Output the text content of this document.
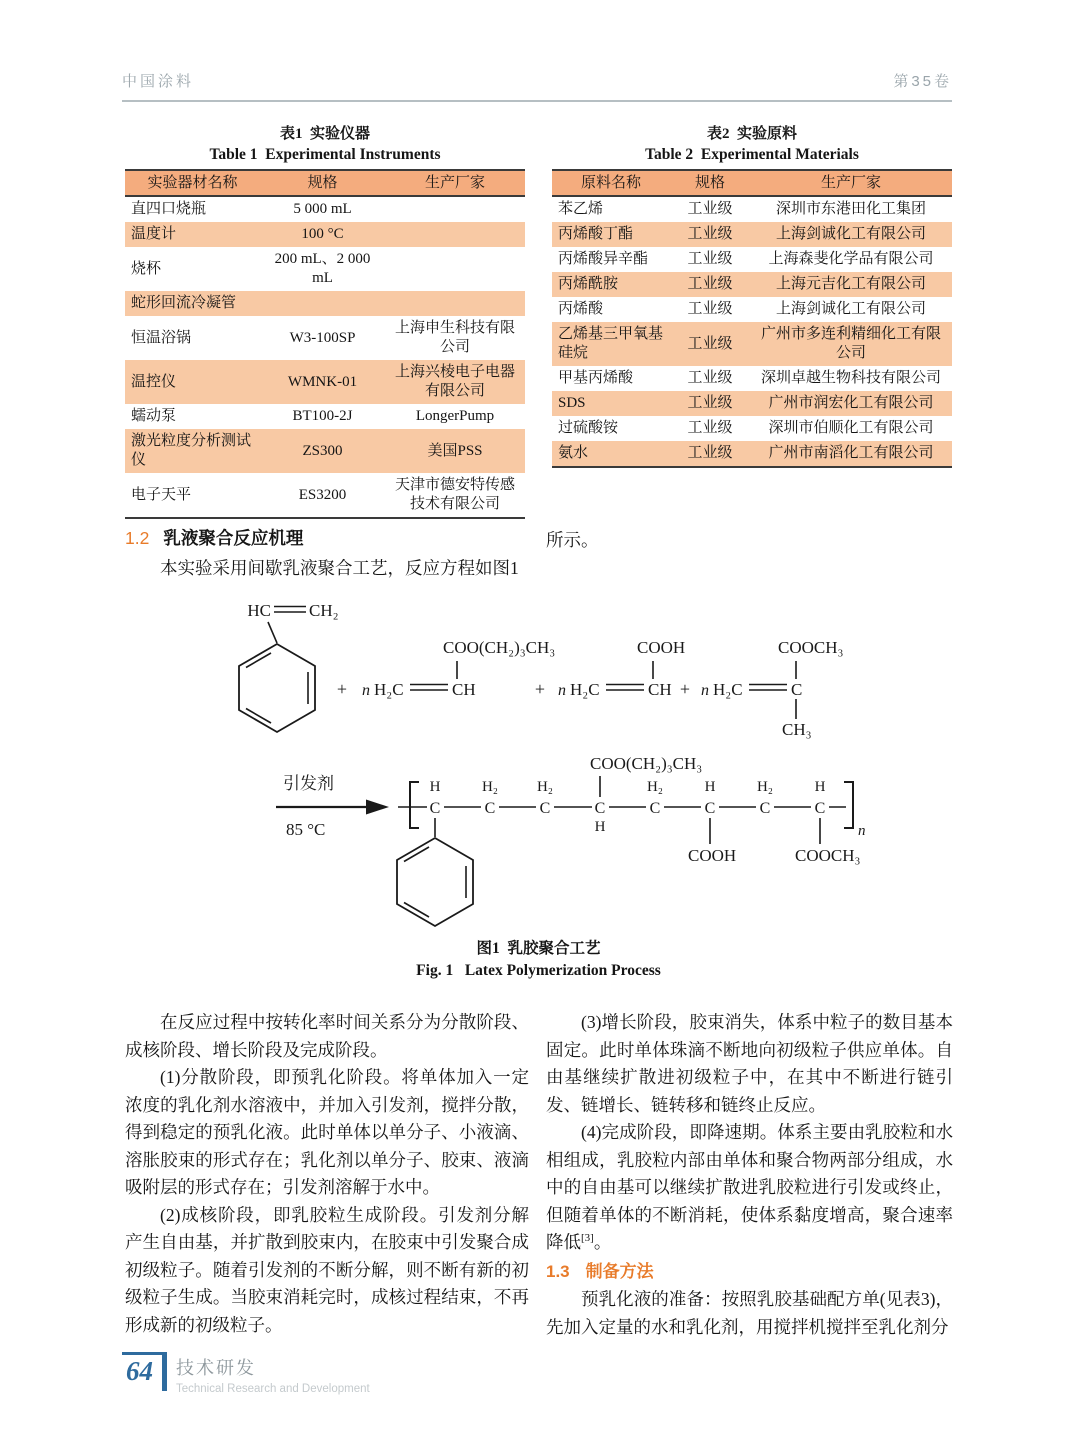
中国涂料	第35卷
表1  实验仪器
Table 1  Experimental Instruments
实验器材名称	规格	生产厂家
直四口烧瓶	5 000 mL	
温度计	100 °C	
烧杯	200 mL、2 000 mL	
蛇形回流冷凝管		
恒温浴锅	W3-100SP	上海申生科技有限公司
温控仪	WMNK-01	上海兴棱电子电器有限公司
蠕动泵	BT100-2J	LongerPump
激光粒度分析测试仪	ZS300	美国PSS
电子天平	ES3200	天津市德安特传感技术有限公司
表2  实验原料
Table 2  Experimental Materials
原料名称	规格	生产厂家
苯乙烯	工业级	深圳市东港田化工集团
丙烯酸丁酯	工业级	上海剑诚化工有限公司
丙烯酸异辛酯	工业级	上海森斐化学品有限公司
丙烯酰胺	工业级	上海元吉化工有限公司
丙烯酸	工业级	上海剑诚化工有限公司
乙烯基三甲氧基硅烷	工业级	广州市多连利精细化工有限公司
甲基丙烯酸	工业级	深圳卓越生物科技有限公司
SDS	工业级	广州市润宏化工有限公司
过硫酸铵	工业级	深圳市伯顺化工有限公司
氨水	工业级	广州市南滔化工有限公司
1.2 乳液聚合反应机理

本实验采用间歇乳液聚合工艺，反应方程如图1

所示。
HC CH₂
+ n H₂C	CH
COO(CH₂)₃CH₃
+ n H₂C	CH
COOH
+ n H₂C	C
COOCH₃
CH₃
引发剂
85 °C	n
C	C	C	C	C	C	C	C
H	H₂	H₂	H₂	H	H₂	H
COO(CH₂)₃CH₃
H
COOH	COOCH₃
图1  乳胶聚合工艺
Fig. 1   Latex Polymerization Process

在反应过程中按转化率时间关系分为分散阶段、成核阶段、增长阶段及完成阶段。

(1)分散阶段，即预乳化阶段。将单体加入一定浓度的乳化剂水溶液中，并加入引发剂，搅拌分散，得到稳定的预乳化液。此时单体以单分子、小液滴、溶胀胶束的形式存在；乳化剂以单分子、胶束、液滴吸附层的形式存在；引发剂溶解于水中。

(2)成核阶段，即乳胶粒生成阶段。引发剂分解产生自由基，并扩散到胶束内，在胶束中引发聚合成初级粒子。随着引发剂的不断分解，则不断有新的初级粒子生成。当胶束消耗完时，成核过程结束，不再形成新的初级粒子。

(3)增长阶段，胶束消失，体系中粒子的数目基本固定。此时单体珠滴不断地向初级粒子供应单体。自由基继续扩散进初级粒子中，在其中不断进行链引发、链增长、链转移和链终止反应。

(4)完成阶段，即降速期。体系主要由乳胶粒和水相组成，乳胶粒内部由单体和聚合物两部分组成，水中的自由基可以继续扩散进乳胶粒进行引发或终止，但随着单体的不断消耗，使体系黏度增高，聚合速率降低[3]。

1.3 制备方法

预乳化液的准备：按照乳胶基础配方单(见表3)，先加入定量的水和乳化剂，用搅拌机搅拌至乳化剂分

64	技术研发
Technical Research and Development
